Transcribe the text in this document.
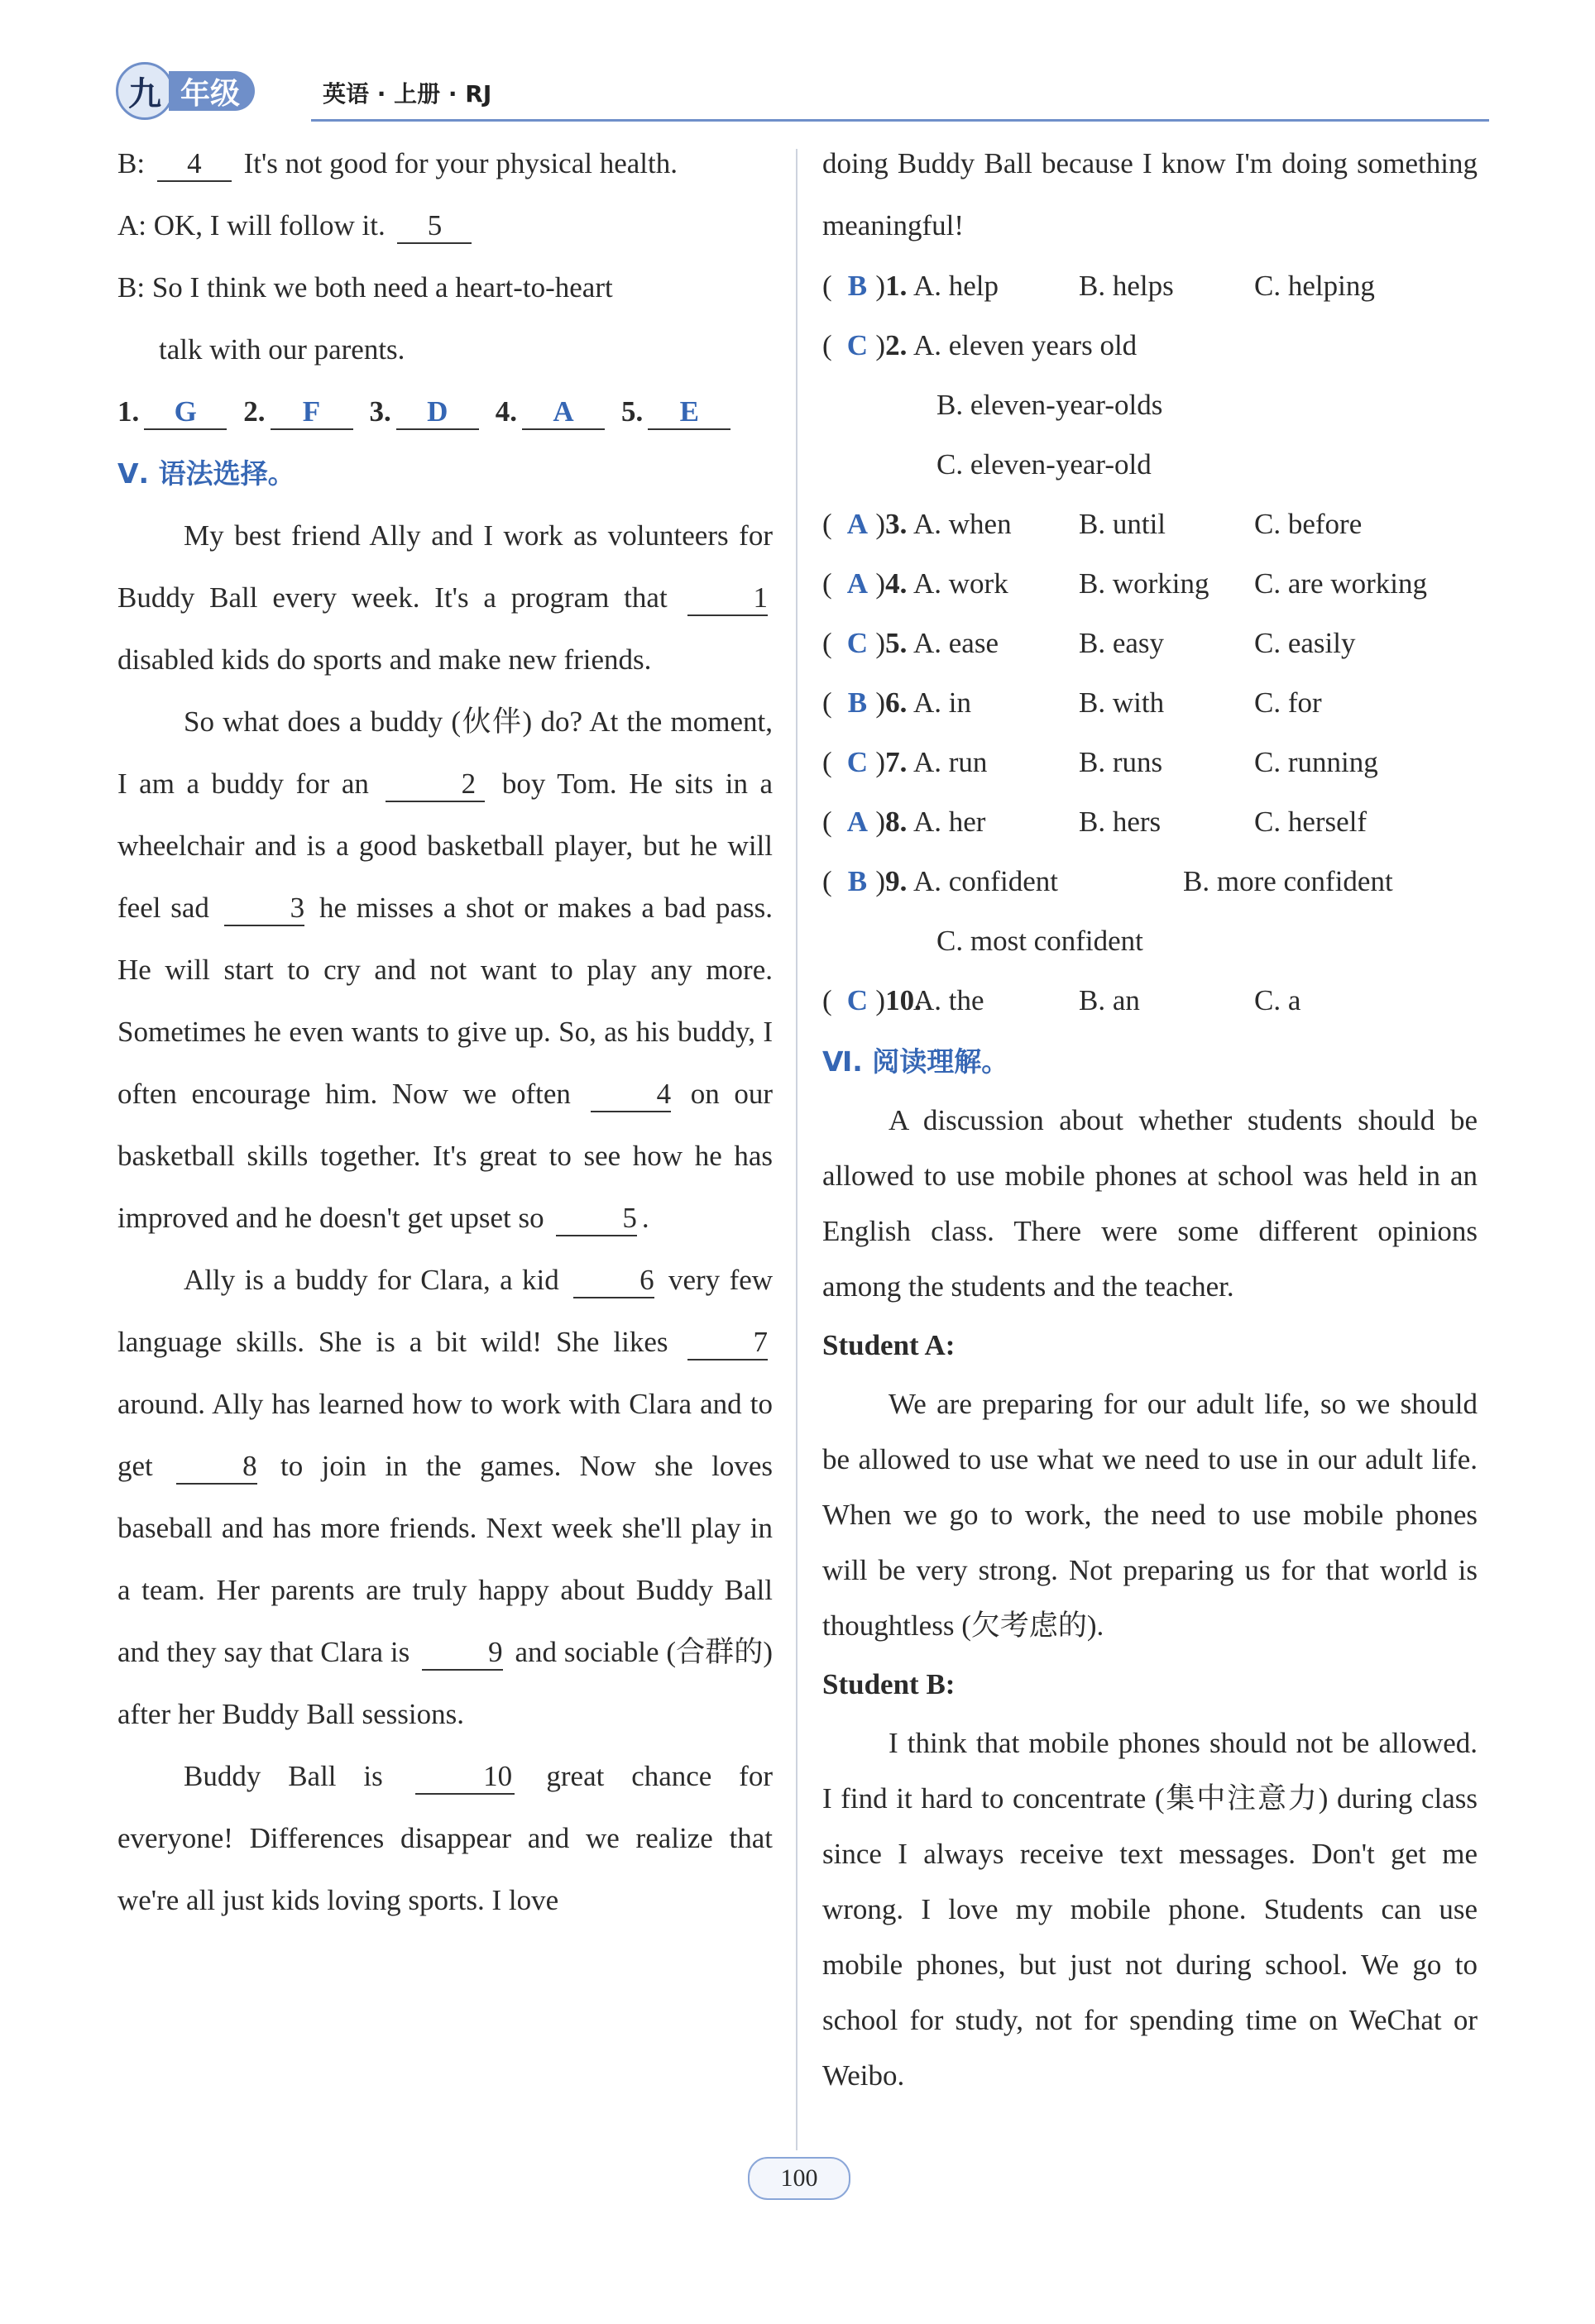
九 年级	英语 · 上册 · RJ

B: 4 It's not good for your physical health.

A: OK, I will follow it. 5

B: So I think we both need a heart-to-heart

talk with our parents.

1.	G	2.	F	3.	D	4.	A	5.	E

Ⅴ. 语法选择。

My best friend Ally and I work as volunteers for Buddy Ball every week. It's a program that	1 disabled kids do sports and make new friends.

So what does a buddy (伙伴) do? At the moment, I am a buddy for an	2 boy Tom. He sits in a wheelchair and is a good basketball player, but he will feel sad	3 he misses a shot or makes a bad pass. He will start to cry and not want to play any more. Sometimes he even wants to give up. So, as his buddy, I often encourage him. Now we often	4 on our basketball skills together. It's great to see how he has improved and he doesn't get upset so	5 .

Ally is a buddy for Clara, a kid	6 very few language skills. She is a bit wild! She likes	7 around. Ally has learned how to work with Clara and to get	8 to join in the games. Now she loves baseball and has more friends. Next week she'll play in a team. Her parents are truly happy about Buddy Ball and they say that Clara is	9 and sociable (合群的) after her Buddy Ball sessions.

Buddy Ball is	10 great chance for everyone! Differences disappear and we realize that we're all just kids loving sports. I love

doing Buddy Ball because I know I'm doing something meaningful!

( B )1. A. help	B. helps	C. helping
( C )2. A. eleven years old
B. eleven-year-olds
C. eleven-year-old
( A )3. A. when	B. until	C. before
( A )4. A. work	B. working	C. are working
( C )5. A. ease	B. easy	C. easily
( B )6. A. in	B. with	C. for
( C )7. A. run	B. runs	C. running
( A )8. A. her	B. hers	C. herself
( B )9. A. confident	B. more confident
C. most confident
( C )10.
A. the	B. an	C. a

Ⅵ. 阅读理解。

A discussion about whether students should be allowed to use mobile phones at school was held in an English class. There were some different opinions among the students and the teacher.

Student A:

We are preparing for our adult life, so we should be allowed to use what we need to use in our adult life. When we go to work, the need to use mobile phones will be very strong. Not preparing us for that world is thoughtless (欠考虑的).

Student B:

I think that mobile phones should not be allowed. I find it hard to concentrate (集中注意力) during class since I always receive text messages. Don't get me wrong. I love my mobile phone. Students can use mobile phones, but just not during school. We go to school for study, not for spending time on WeChat or Weibo.

100
